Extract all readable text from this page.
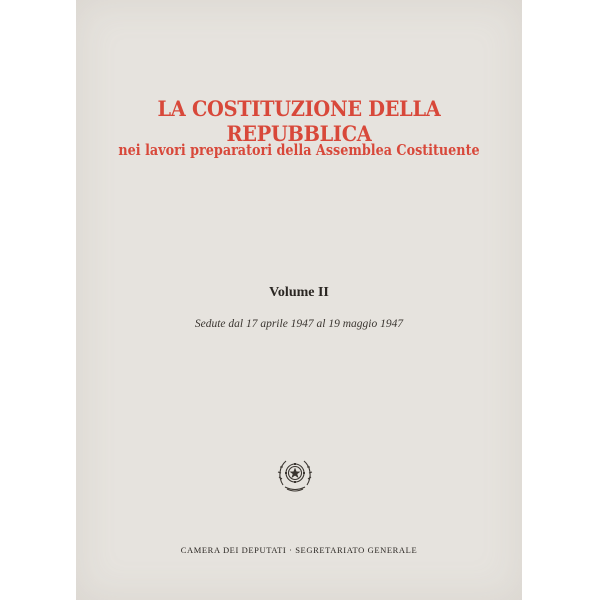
LA COSTITUZIONE DELLA REPUBBLICA
nei lavori preparatori della Assemblea Costituente
Volume II
Sedute dal 17 aprile 1947 al 19 maggio 1947
CAMERA DEI DEPUTATI · SEGRETARIATO GENERALE
